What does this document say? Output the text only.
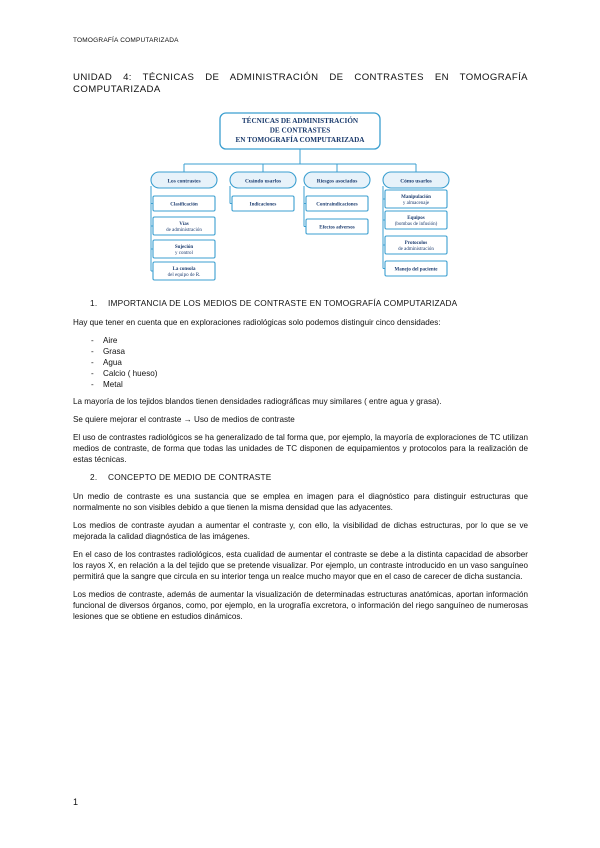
TOMOGRAFÍA COMPUTARIZADA
UNIDAD 4: TÉCNICAS DE ADMINISTRACIÓN DE CONTRASTES EN TOMOGRAFÍA COMPUTARIZADA
TÉCNICAS DE ADMINISTRACIÓN
DE CONTRASTES
EN TOMOGRAFÍA COMPUTARIZADA
Los contrastes
Clasificación
Vías
de administración
Sujeción
y control
La consola
del equipo de R.
Cuándo usarlos
Indicaciones
Riesgos asociados
Contraindicaciones
Efectos adversos
Cómo usarlos
Manipulación
y almacenaje
Equipos
(bombas de infusión)
Protocolos
de administración
Manejo del paciente
1. IMPORTANCIA DE LOS MEDIOS DE CONTRASTE EN TOMOGRAFÍA COMPUTARIZADA

Hay que tener en cuenta que en exploraciones radiológicas solo podemos distinguir cinco densidades:

- Aire
- Grasa
- Agua
- Calcio ( hueso)
- Metal

La mayoría de los tejidos blandos tienen densidades radiográficas muy similares ( entre agua y grasa).

Se quiere mejorar el contraste → Uso de medios de contraste

El uso de contrastes radiológicos se ha generalizado de tal forma que, por ejemplo, la mayoría de exploraciones de TC utilizan medios de contraste, de forma que todas las unidades de TC disponen de equipamientos y protocolos para la realización de estas técnicas.

2. CONCEPTO DE MEDIO DE CONTRASTE

Un medio de contraste es una sustancia que se emplea en imagen para el diagnóstico para distinguir estructuras que normalmente no son visibles debido a que tienen la misma densidad que las adyacentes.

Los medios de contraste ayudan a aumentar el contraste y, con ello, la visibilidad de dichas estructuras, por lo que se ve mejorada la calidad diagnóstica de las imágenes.

En el caso de los contrastes radiológicos, esta cualidad de aumentar el contraste se debe a la distinta capacidad de absorber los rayos X, en relación a la del tejido que se pretende visualizar. Por ejemplo, un contraste introducido en un vaso sanguíneo permitirá que la sangre que circula en su interior tenga un realce mucho mayor que en el caso de carecer de dicha sustancia.

Los medios de contraste, además de aumentar la visualización de determinadas estructuras anatómicas, aportan información funcional de diversos órganos, como, por ejemplo, en la urografía excretora, o información del riego sanguíneo de numerosas lesiones que se obtiene en estudios dinámicos.

1
